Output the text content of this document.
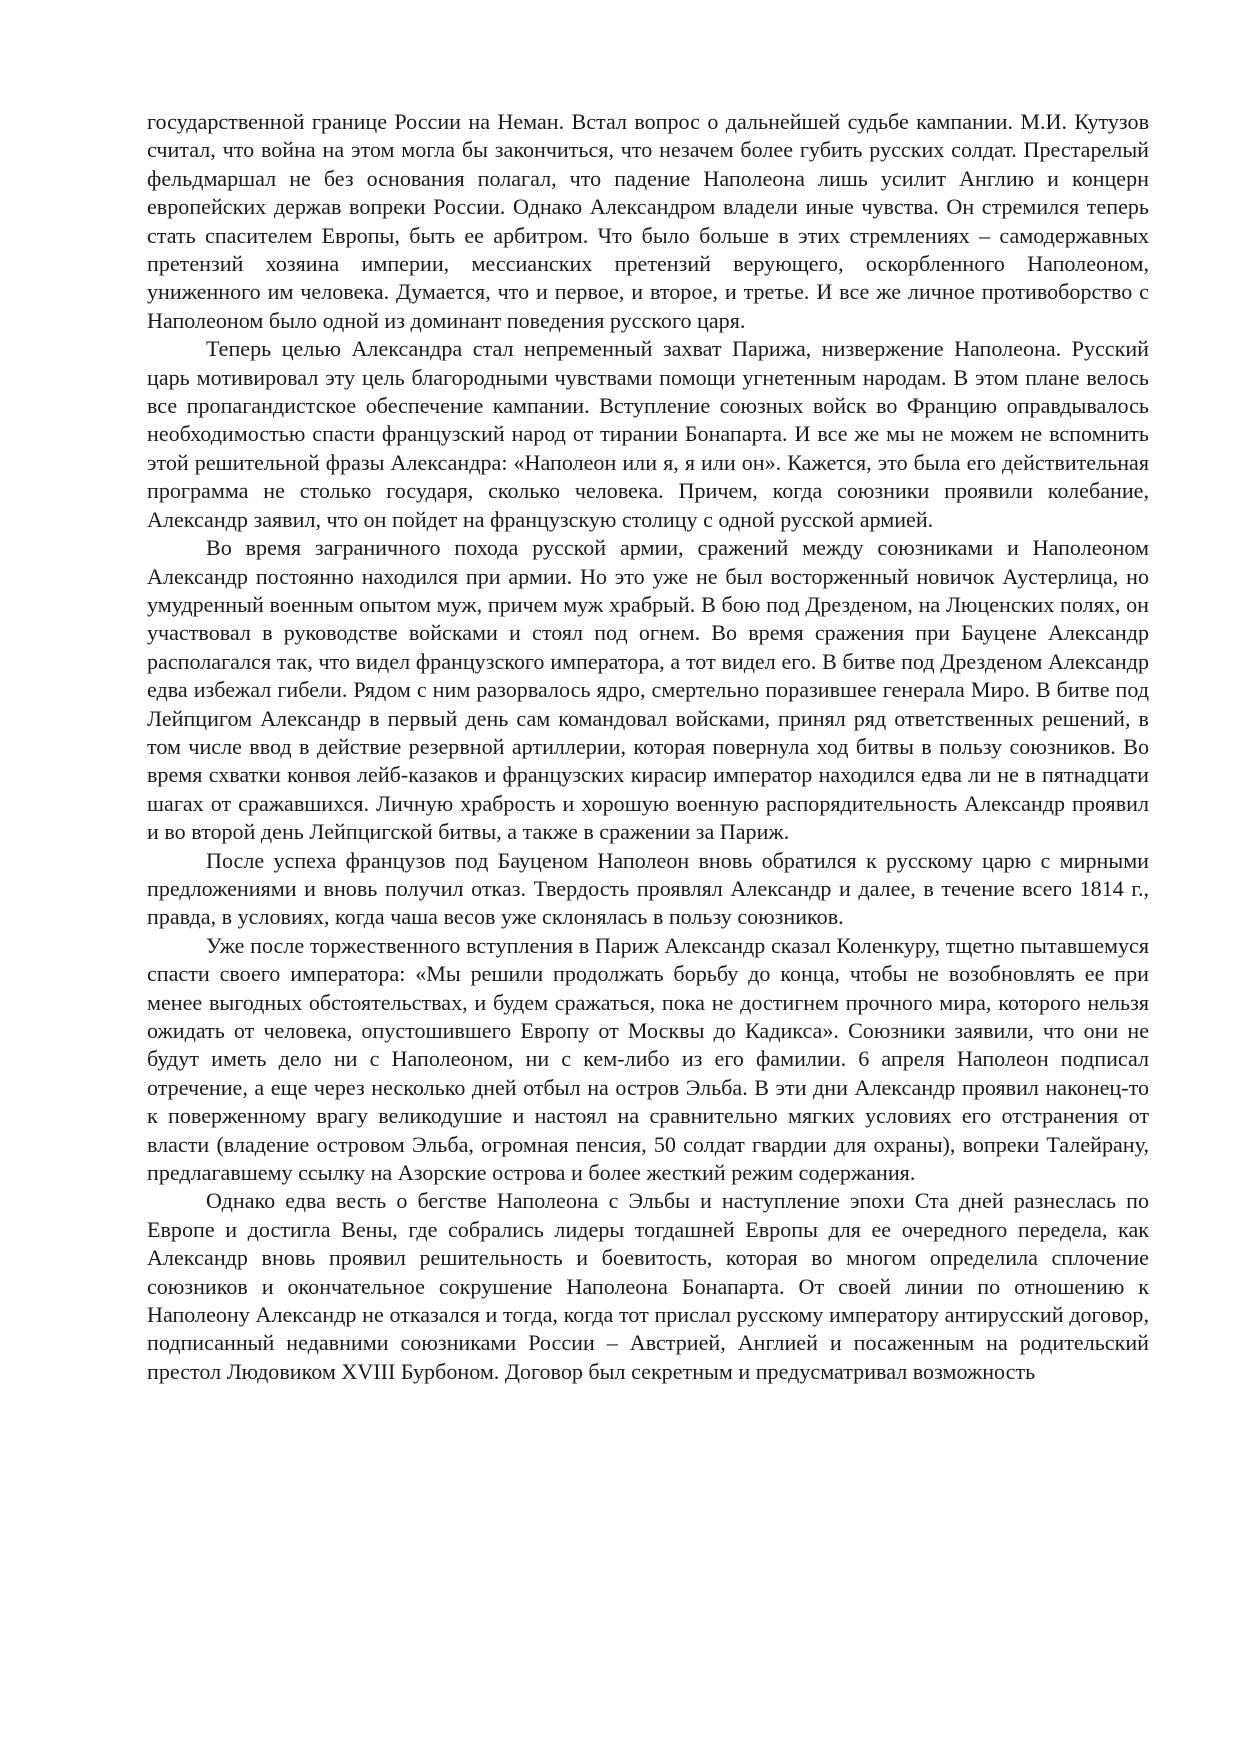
государственной границе России на Неман. Встал вопрос о дальнейшей судьбе кампании. М.И. Кутузов считал, что война на этом могла бы закончиться, что незачем более губить русских солдат. Престарелый фельдмаршал не без основания полагал, что падение Наполеона лишь усилит Англию и концерн европейских держав вопреки России. Однако Александром владели иные чувства. Он стремился теперь стать спасителем Европы, быть ее арбитром. Что было больше в этих стремлениях – самодержавных претензий хозяина империи, мессианских претензий верующего, оскорбленного Наполеоном, униженного им человека. Думается, что и первое, и второе, и третье. И все же личное противоборство с Наполеоном было одной из доминант поведения русского царя.

Теперь целью Александра стал непременный захват Парижа, низвержение Наполеона. Русский царь мотивировал эту цель благородными чувствами помощи угнетенным народам. В этом плане велось все пропагандистское обеспечение кампании. Вступление союзных войск во Францию оправдывалось необходимостью спасти французский народ от тирании Бонапарта. И все же мы не можем не вспомнить этой решительной фразы Александра: «Наполеон или я, я или он». Кажется, это была его действительная программа не столько государя, сколько человека. Причем, когда союзники проявили колебание, Александр заявил, что он пойдет на французскую столицу с одной русской армией.

Во время заграничного похода русской армии, сражений между союзниками и Наполеоном Александр постоянно находился при армии. Но это уже не был восторженный новичок Аустерлица, но умудренный военным опытом муж, причем муж храбрый. В бою под Дрезденом, на Люценских полях, он участвовал в руководстве войсками и стоял под огнем. Во время сражения при Бауцене Александр располагался так, что видел французского императора, а тот видел его. В битве под Дрезденом Александр едва избежал гибели. Рядом с ним разорвалось ядро, смертельно поразившее генерала Миро. В битве под Лейпцигом Александр в первый день сам командовал войсками, принял ряд ответственных решений, в том числе ввод в действие резервной артиллерии, которая повернула ход битвы в пользу союзников. Во время схватки конвоя лейб-казаков и французских кирасир император находился едва ли не в пятнадцати шагах от сражавшихся. Личную храбрость и хорошую военную распорядительность Александр проявил и во второй день Лейпцигской битвы, а также в сражении за Париж.

После успеха французов под Бауценом Наполеон вновь обратился к русскому царю с мирными предложениями и вновь получил отказ. Твердость проявлял Александр и далее, в течение всего 1814 г., правда, в условиях, когда чаша весов уже склонялась в пользу союзников.

Уже после торжественного вступления в Париж Александр сказал Коленкуру, тщетно пытавшемуся спасти своего императора: «Мы решили продолжать борьбу до конца, чтобы не возобновлять ее при менее выгодных обстоятельствах, и будем сражаться, пока не достигнем прочного мира, которого нельзя ожидать от человека, опустошившего Европу от Москвы до Кадикса». Союзники заявили, что они не будут иметь дело ни с Наполеоном, ни с кем-либо из его фамилии. 6 апреля Наполеон подписал отречение, а еще через несколько дней отбыл на остров Эльба. В эти дни Александр проявил наконец-то к поверженному врагу великодушие и настоял на сравнительно мягких условиях его отстранения от власти (владение островом Эльба, огромная пенсия, 50 солдат гвардии для охраны), вопреки Талейрану, предлагавшему ссылку на Азорские острова и более жесткий режим содержания.

Однако едва весть о бегстве Наполеона с Эльбы и наступление эпохи Ста дней разнеслась по Европе и достигла Вены, где собрались лидеры тогдашней Европы для ее очередного передела, как Александр вновь проявил решительность и боевитость, которая во многом определила сплочение союзников и окончательное сокрушение Наполеона Бонапарта. От своей линии по отношению к Наполеону Александр не отказался и тогда, когда тот прислал русскому императору антирусский договор, подписанный недавними союзниками России – Австрией, Англией и посаженным на родительский престол Людовиком XVIII Бурбоном. Договор был секретным и предусматривал возможность
